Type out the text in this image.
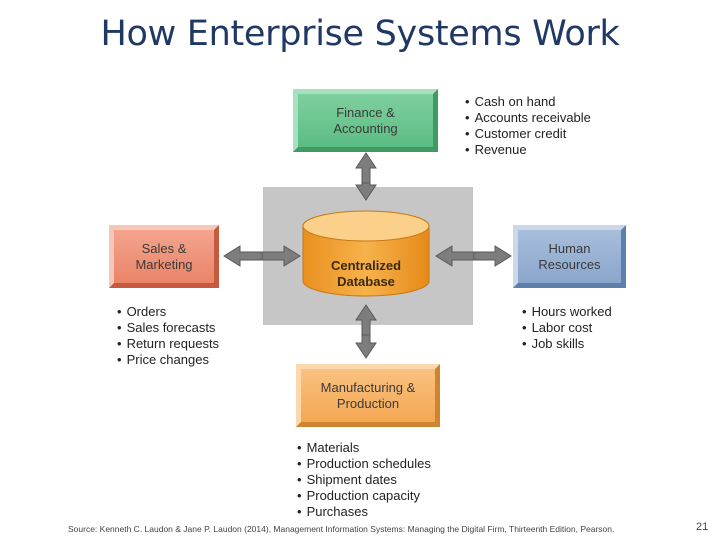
How Enterprise Systems Work
Centralized
Database
Finance &
Accounting
• Cash on hand
• Accounts receivable
• Customer credit
• Revenue
Sales &
Marketing
• Orders
• Sales forecasts
• Return requests
• Price changes
Human
Resources
• Hours worked
• Labor cost
• Job skills
Manufacturing &
Production
• Materials
• Production schedules
• Shipment dates
• Production capacity
• Purchases
Source: Kenneth C. Laudon & Jane P. Laudon (2014), Management Information Systems: Managing the Digital Firm, Thirteenth Edition, Pearson.	21
